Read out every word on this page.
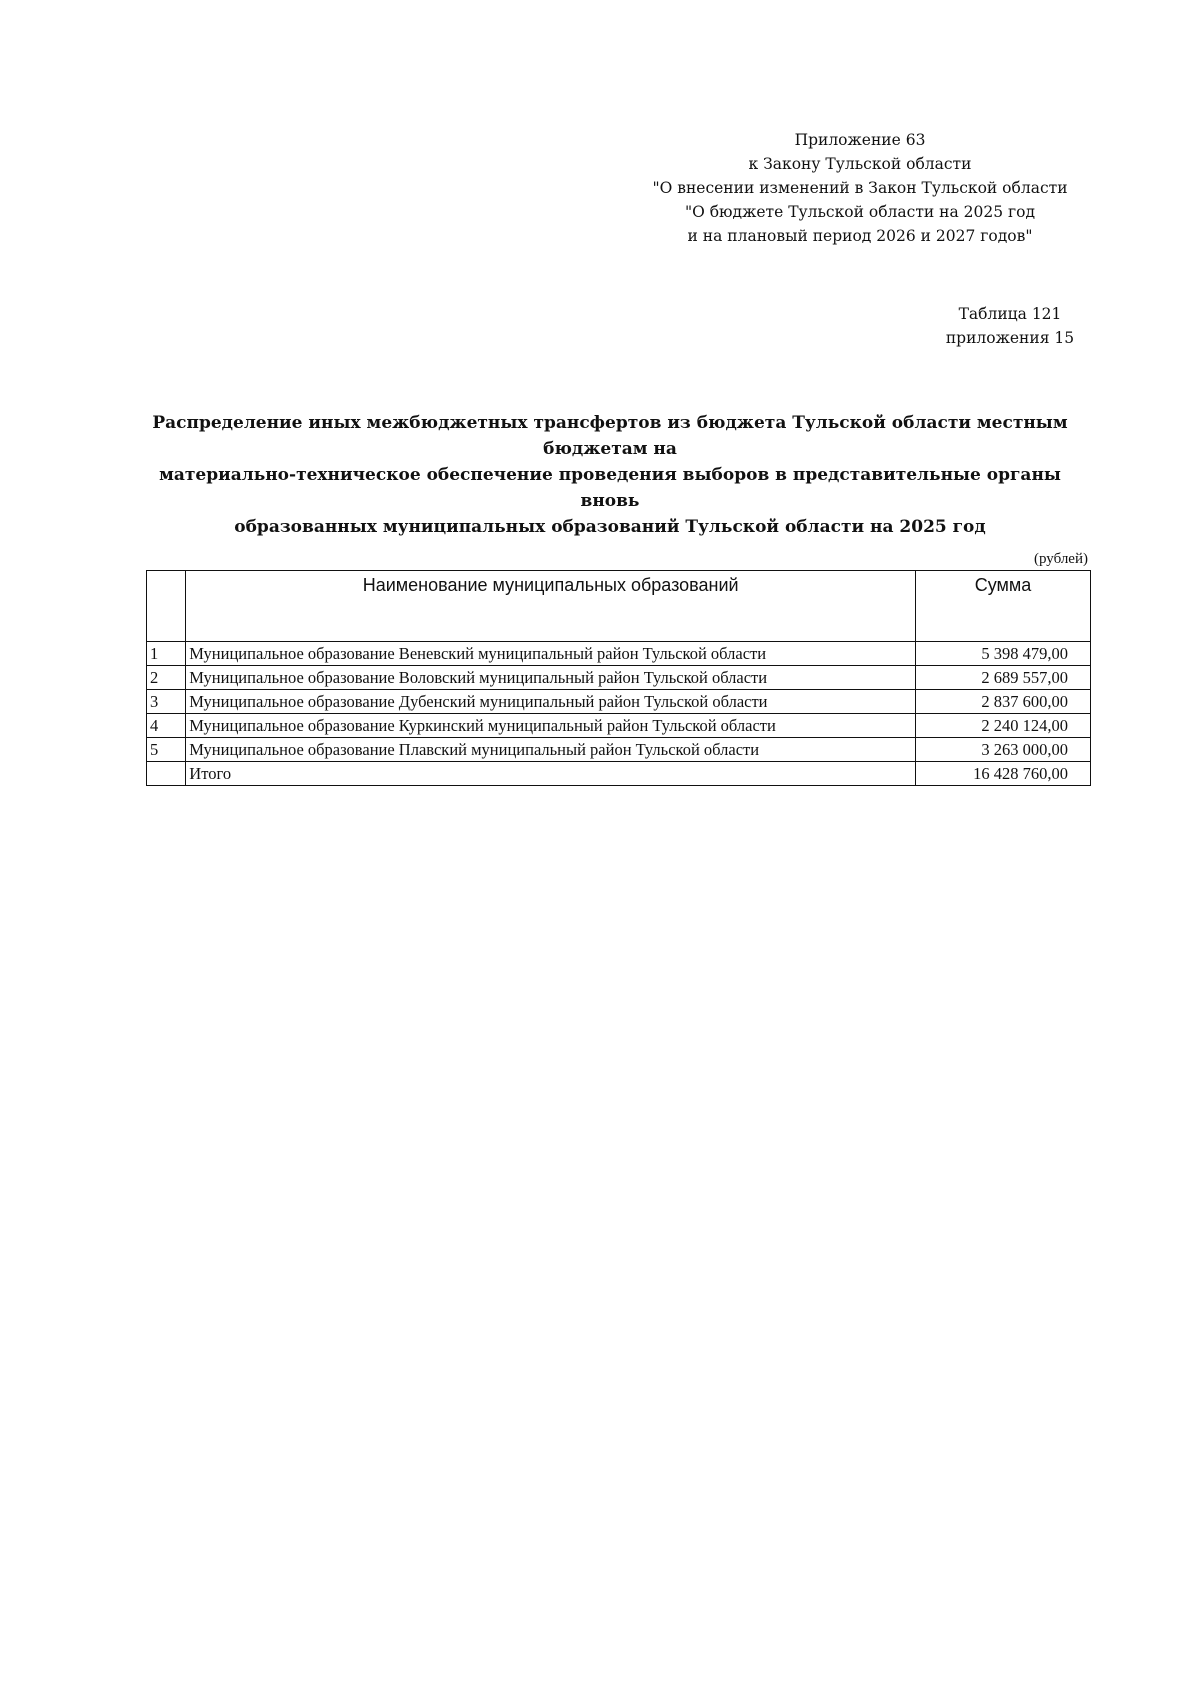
Приложение 63
к Закону Тульской области
"О внесении изменений в Закон Тульской области
"О бюджете Тульской области на 2025 год
и на плановый период 2026 и 2027 годов"
Таблица 121
приложения 15
Распределение иных межбюджетных трансфертов из бюджета Тульской области местным бюджетам на
материально-техническое обеспечение проведения выборов в представительные органы вновь
образованных муниципальных образований Тульской области на 2025 год
(рублей)
	Наименование муниципальных образований	Сумма
1	Муниципальное образование Веневский муниципальный район Тульской области	5 398 479,00
2	Муниципальное образование Воловский муниципальный район Тульской области	2 689 557,00
3	Муниципальное образование Дубенский муниципальный район Тульской области	2 837 600,00
4	Муниципальное образование Куркинский муниципальный район Тульской области	2 240 124,00
5	Муниципальное образование Плавский муниципальный район Тульской области	3 263 000,00
	Итого	16 428 760,00
